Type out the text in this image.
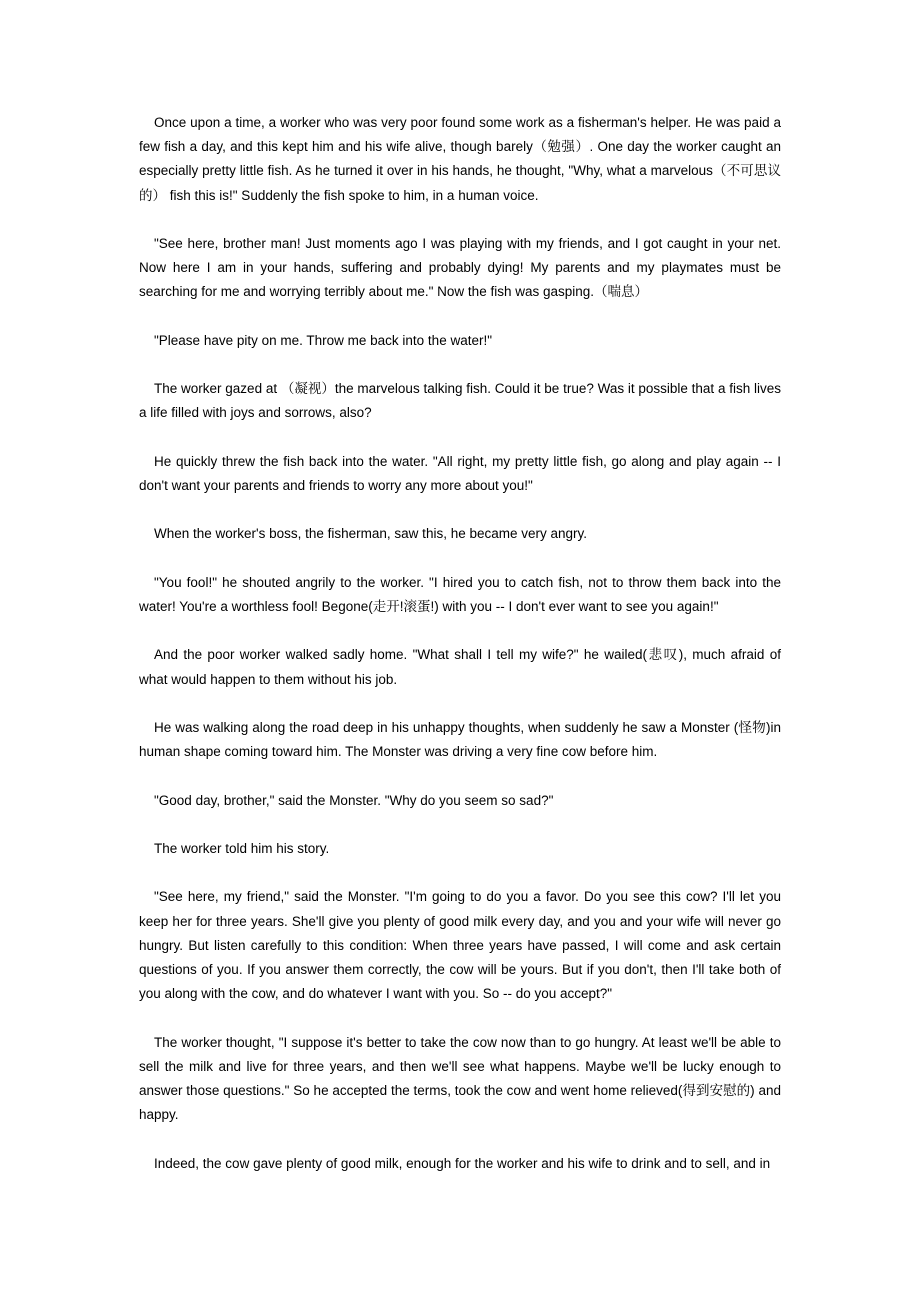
Once upon a time, a worker who was very poor found some work as a fisherman's helper. He was paid a few fish a day, and this kept him and his wife alive, though barely（勉强）. One day the worker caught an especially pretty little fish. As he turned it over in his hands, he thought, "Why, what a marvelous（不可思议的） fish this is!" Suddenly the fish spoke to him, in a human voice.

"See here, brother man! Just moments ago I was playing with my friends, and I got caught in your net. Now here I am in your hands, suffering and probably dying! My parents and my playmates must be searching for me and worrying terribly about me." Now the fish was gasping.（喘息）

"Please have pity on me. Throw me back into the water!"

The worker gazed at （凝视）the marvelous talking fish. Could it be true? Was it possible that a fish lives a life filled with joys and sorrows, also?

He quickly threw the fish back into the water. "All right, my pretty little fish, go along and play again -- I don't want your parents and friends to worry any more about you!"

When the worker's boss, the fisherman, saw this, he became very angry.

"You fool!" he shouted angrily to the worker. "I hired you to catch fish, not to throw them back into the water! You're a worthless fool! Begone(走开!滚蛋!) with you -- I don't ever want to see you again!"

And the poor worker walked sadly home. "What shall I tell my wife?" he wailed(悲叹), much afraid of what would happen to them without his job.

He was walking along the road deep in his unhappy thoughts, when suddenly he saw a Monster (怪物)in human shape coming toward him. The Monster was driving a very fine cow before him.

"Good day, brother," said the Monster. "Why do you seem so sad?"

The worker told him his story.

"See here, my friend," said the Monster. "I'm going to do you a favor. Do you see this cow? I'll let you keep her for three years. She'll give you plenty of good milk every day, and you and your wife will never go hungry. But listen carefully to this condition: When three years have passed, I will come and ask certain questions of you. If you answer them correctly, the cow will be yours. But if you don't, then I'll take both of you along with the cow, and do whatever I want with you. So -- do you accept?"

The worker thought, "I suppose it's better to take the cow now than to go hungry. At least we'll be able to sell the milk and live for three years, and then we'll see what happens. Maybe we'll be lucky enough to answer those questions." So he accepted the terms, took the cow and went home relieved(得到安慰的) and happy.

Indeed, the cow gave plenty of good milk, enough for the worker and his wife to drink and to sell, and in
